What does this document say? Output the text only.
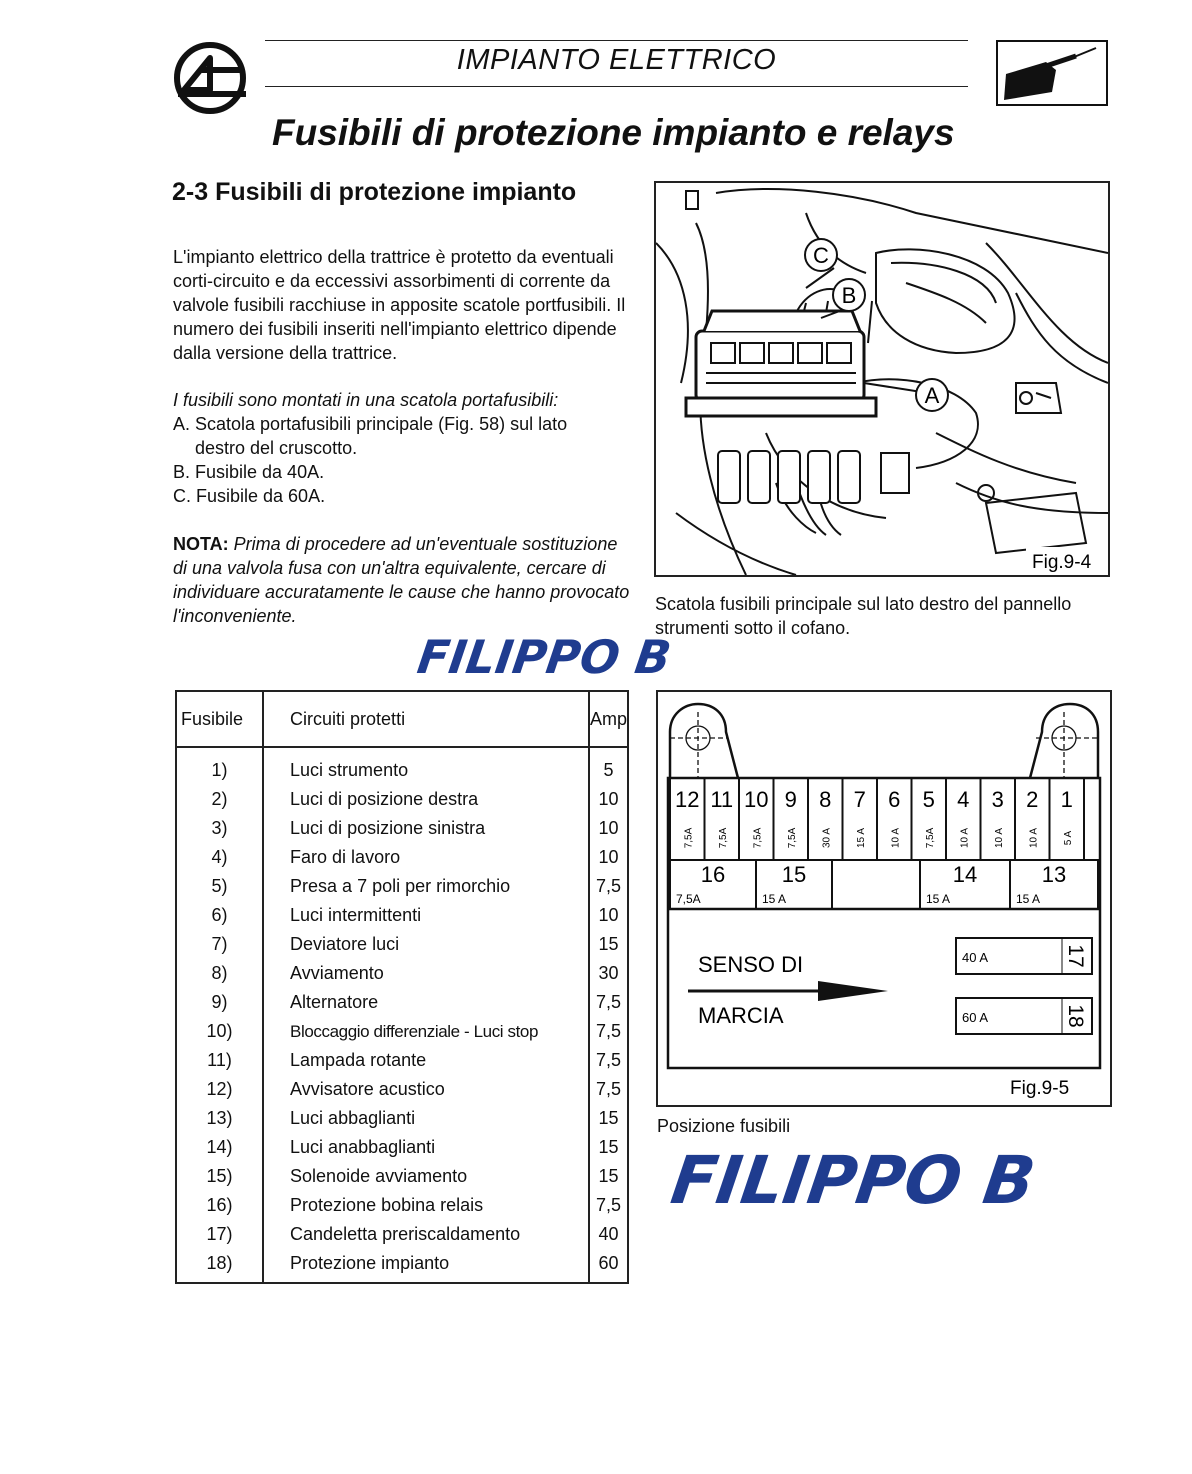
IMPIANTO ELETTRICO
Fusibili di protezione impianto e relays
2-3 Fusibili di protezione impianto
L'impianto elettrico della trattrice è protetto da eventuali corti-circuito e da eccessivi assorbimenti di corrente da valvole fusibili racchiuse in apposite scatole portfusibili. Il numero dei fusibili inseriti nell'impianto elettrico dipende dalla versione della trattrice.
I fusibili sono montati in una scatola portafusibili:
A. Scatola portafusibili principale (Fig. 58) sul lato
destro del cruscotto.
B. Fusibile da 40A.
C. Fusibile da 60A.
NOTA: Prima di procedere ad un'eventuale sostituzione di una valvola fusa con un'altra equivalente, cercare di individuare accuratamente le cause che hanno provocato l'inconveniente.
FILIPPO B
C
B
A
Fig.9-4
Scatola fusibili principale sul lato destro del pannello strumenti sotto il cofano.
Fusibile	Circuiti protetti	Amp
1)	Luci strumento	5
2)	Luci di posizione destra	10
3)	Luci di posizione sinistra	10
4)	Faro di lavoro	10
5)	Presa a 7 poli per rimorchio	7,5
6)	Luci intermittenti	10
7)	Deviatore luci	15
8)	Avviamento	30
9)	Alternatore	7,5
10)	Bloccaggio differenziale - Luci stop	7,5
11)	Lampada rotante	7,5
12)	Avvisatore acustico	7,5
13)	Luci abbaglianti	15
14)	Luci anabbaglianti	15
15)	Solenoide avviamento	15
16)	Protezione bobina relais	7,5
17)	Candeletta preriscaldamento	40
18)	Protezione impianto	60
12
7,5A
11
7,5A
10
7,5A
9
7,5A
8
30 A
7
15 A
6
10 A
5
7,5A
4
10 A
3
10 A
2
10 A
1
5 A
16
7,5A
15
15 A
14
15 A
13
15 A
SENSO DI
MARCIA
40 A
60 A
17
18
Fig.9-5
Posizione fusibili
FILIPPO B
